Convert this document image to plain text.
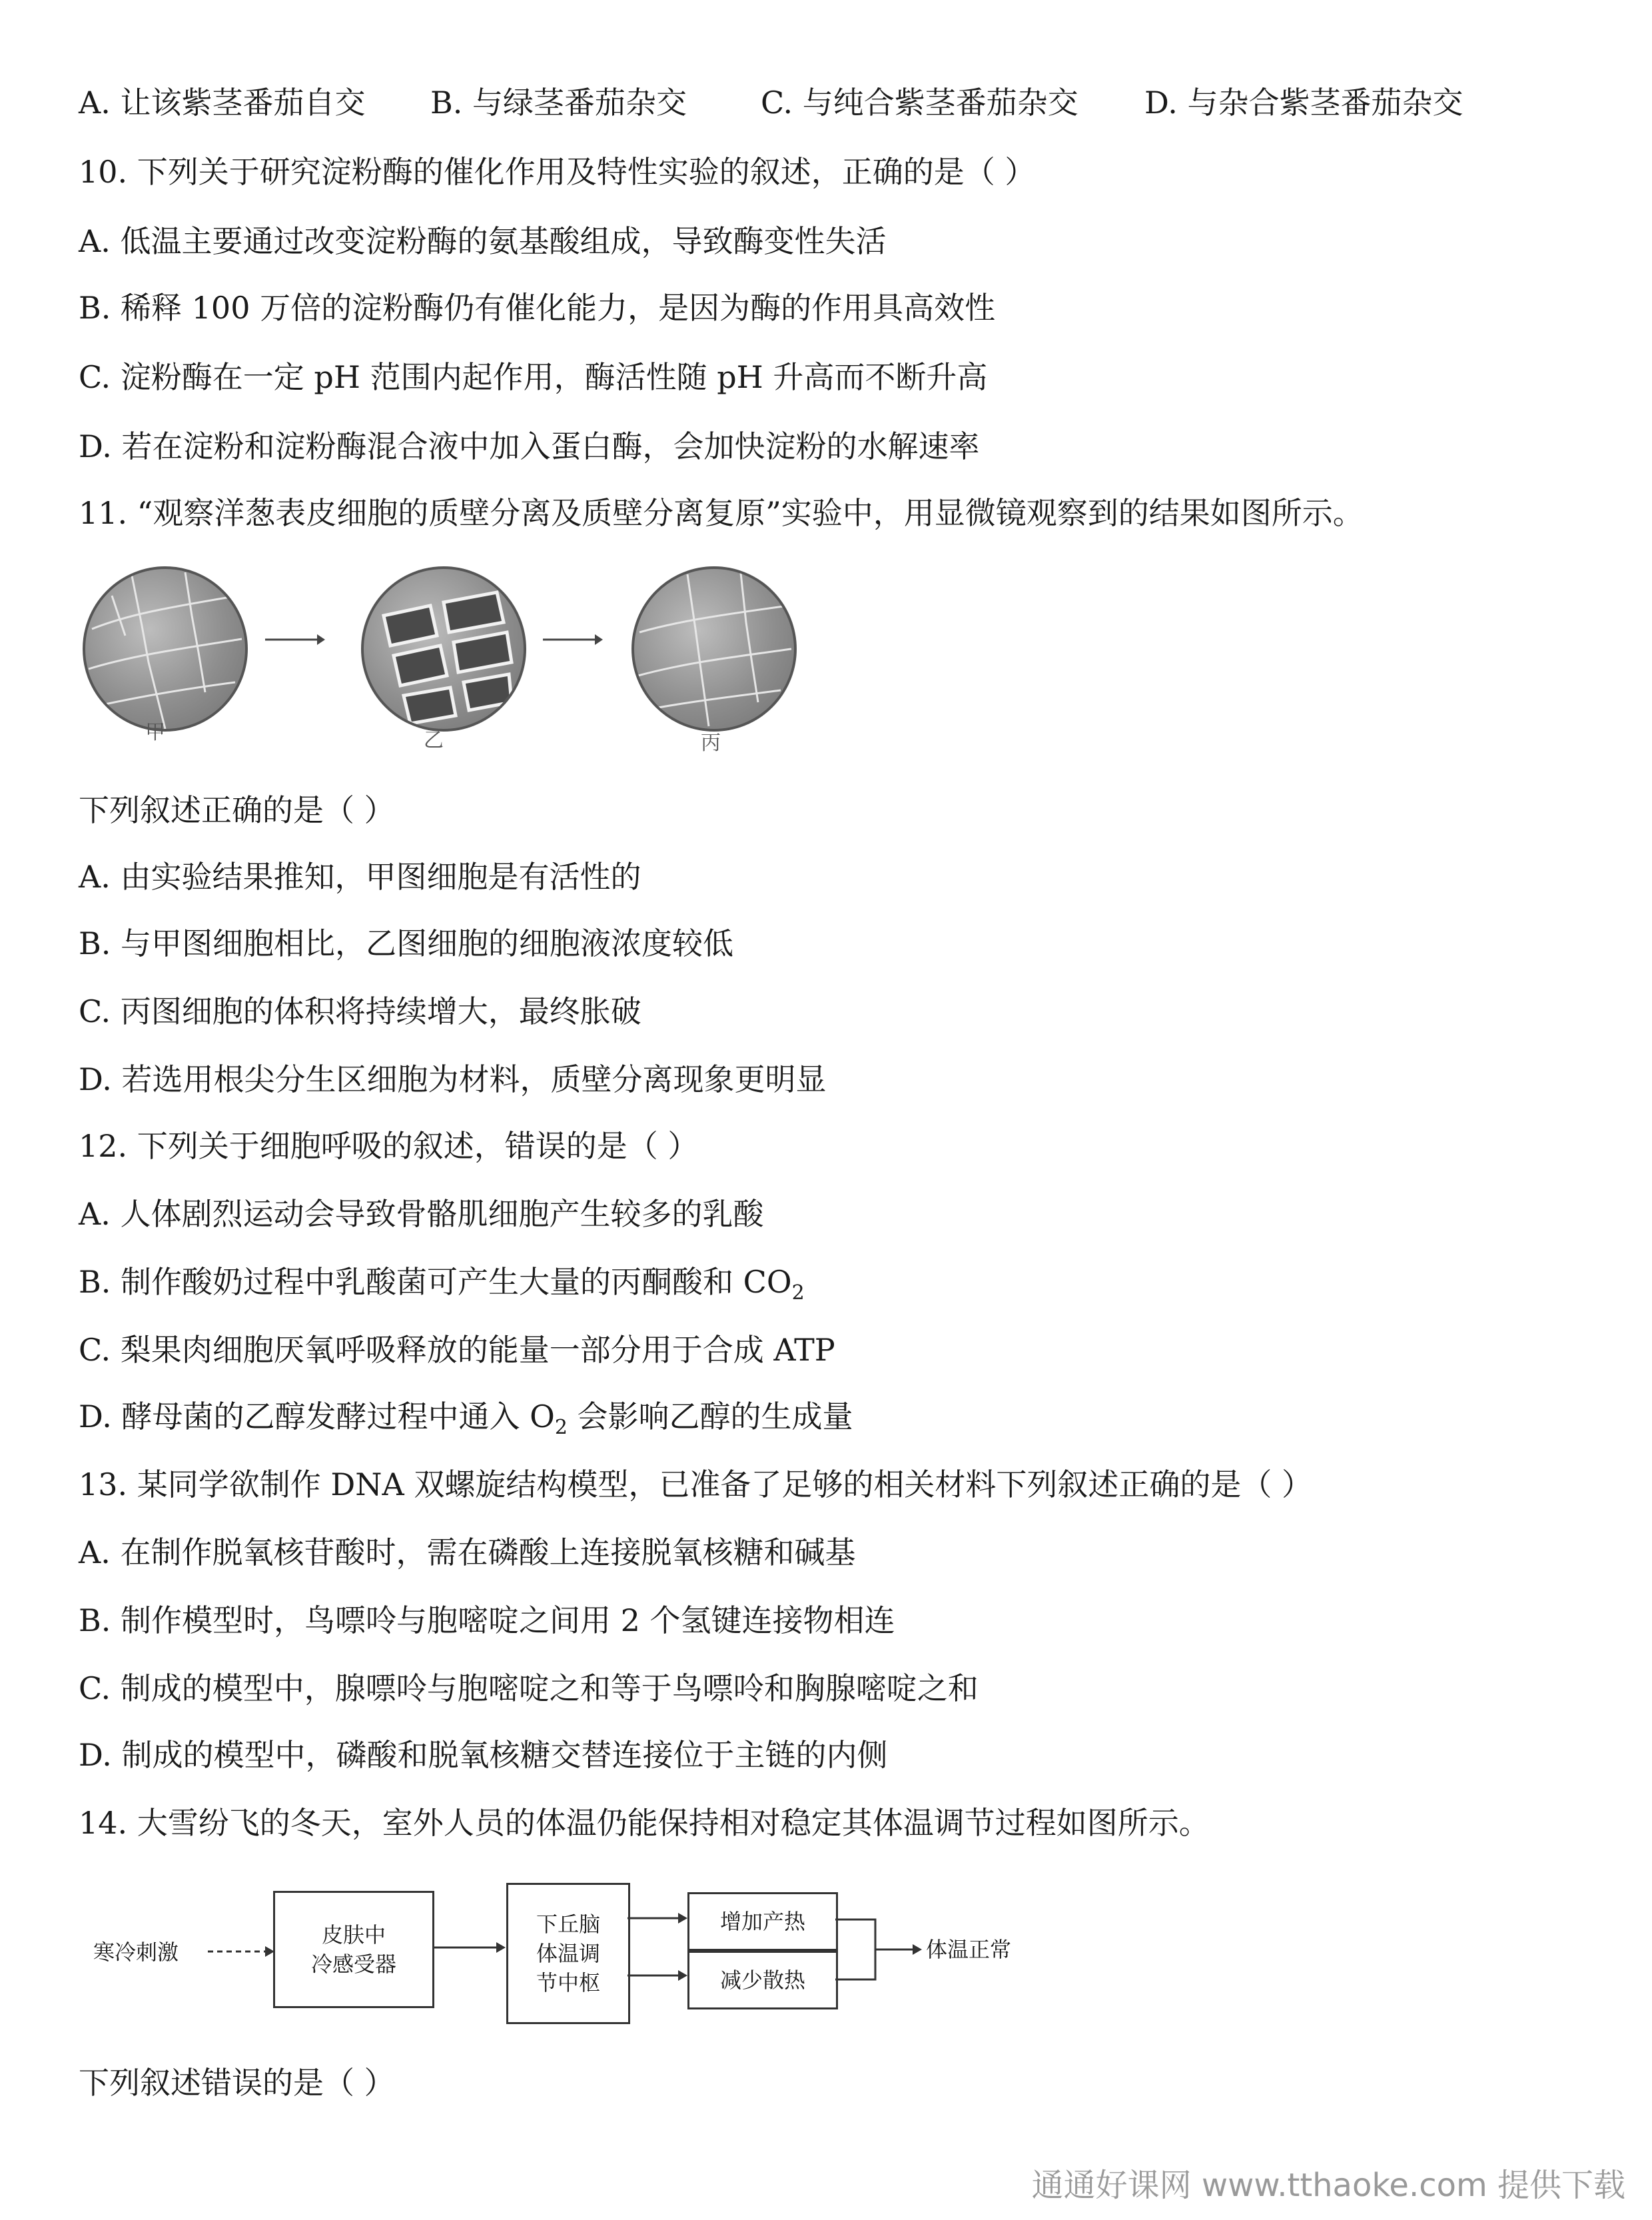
A. 让该紫茎番茄自交 B. 与绿茎番茄杂交 C. 与纯合紫茎番茄杂交 D. 与杂合紫茎番茄杂交
10. 下列关于研究淀粉酶的催化作用及特性实验的叙述，正确的是（ ）
A. 低温主要通过改变淀粉酶的氨基酸组成，导致酶变性失活
B. 稀释 100 万倍的淀粉酶仍有催化能力，是因为酶的作用具高效性
C. 淀粉酶在一定 pH 范围内起作用，酶活性随 pH 升高而不断升高
D. 若在淀粉和淀粉酶混合液中加入蛋白酶，会加快淀粉的水解速率
11. “观察洋葱表皮细胞的质壁分离及质壁分离复原”实验中，用显微镜观察到的结果如图所示。
甲	乙	丙
下列叙述正确的是（ ）
A. 由实验结果推知，甲图细胞是有活性的
B. 与甲图细胞相比，乙图细胞的细胞液浓度较低
C. 丙图细胞的体积将持续增大，最终胀破
D. 若选用根尖分生区细胞为材料，质壁分离现象更明显
12. 下列关于细胞呼吸的叙述，错误的是（ ）
A. 人体剧烈运动会导致骨骼肌细胞产生较多的乳酸
B. 制作酸奶过程中乳酸菌可产生大量的丙酮酸和 $CO_2$
C. 梨果肉细胞厌氧呼吸释放的能量一部分用于合成 ATP
D. 酵母菌的乙醇发酵过程中通入 $O_2$ 会影响乙醇的生成量
13. 某同学欲制作 DNA 双螺旋结构模型，已准备了足够的相关材料下列叙述正确的是（ ）
A. 在制作脱氧核苷酸时，需在磷酸上连接脱氧核糖和碱基
B. 制作模型时，鸟嘌呤与胞嘧啶之间用 2 个氢键连接物相连
C. 制成的模型中，腺嘌呤与胞嘧啶之和等于鸟嘌呤和胸腺嘧啶之和
D. 制成的模型中，磷酸和脱氧核糖交替连接位于主链的内侧
14. 大雪纷飞的冬天，室外人员的体温仍能保持相对稳定其体温调节过程如图所示。
寒冷刺激
皮肤中
冷感受器
下丘脑
体温调
节中枢
增加产热
减少散热
体温正常
下列叙述错误的是（ ）
通通好课网 www.tthaoke.com 提供下载
